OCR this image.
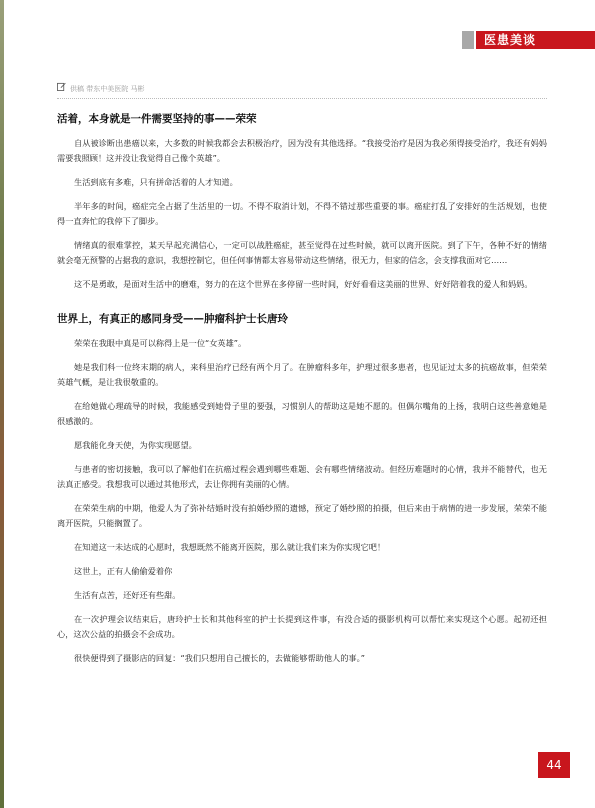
医患美谈
供稿 带东中美医院 马彬
活着，本身就是一件需要坚持的事——荣荣

自从被诊断出患癌以来，大多数的时候我都会去积极治疗，因为没有其他选择。“我接受治疗是因为我必须得接受治疗，我还有妈妈需要我照顾！这并没让我觉得自己像个英雄”。

生活到底有多难，只有拼命活着的人才知道。

半年多的时间，癌症完全占据了生活里的一切。不得不取消计划，不得不错过那些重要的事。癌症打乱了安排好的生活规划，也使得一直奔忙的我停下了脚步。

情绪真的很难掌控，某天早起充满信心，一定可以战胜癌症，甚至觉得在过些时候，就可以离开医院。到了下午，各种不好的情绪就会毫无预警的占据我的意识，我想控制它，但任何事情都太容易带动这些情绪，很无力，但家的信念，会支撑我面对它……

这不是勇敢，是面对生活中的磨难，努力的在这个世界在多停留一些时间，好好看看这美丽的世界、好好陪着我的爱人和妈妈。

世界上，有真正的感同身受——肿瘤科护士长唐玲

荣荣在我眼中真是可以称得上是一位“女英雄”。

她是我们科一位终末期的病人，来科里治疗已经有两个月了。在肿瘤科多年，护理过很多患者，也见证过太多的抗癌故事，但荣荣英雄气概，是让我很敬重的。

在给她做心理疏导的时候，我能感受到她骨子里的要强，习惯别人的帮助这是她不愿的。但偶尔嘴角的上扬，我明白这些善意她是很感激的。

愿我能化身天使，为你实现愿望。

与患者的密切接触，我可以了解他们在抗癌过程会遇到哪些难题、会有哪些情绪波动。但经历难题时的心情，我并不能替代，也无法真正感受。我想我可以通过其他形式，去让你拥有美丽的心情。

在荣荣生病的中期，他爱人为了弥补结婚时没有拍婚纱照的遗憾，预定了婚纱照的拍摄，但后来由于病情的进一步发展，荣荣不能离开医院，只能搁置了。

在知道这一未达成的心愿时，我想既然不能离开医院，那么就让我们来为你实现它吧！

这世上，正有人偷偷爱着你

生活有点苦，还好还有些甜。

在一次护理会议结束后，唐玲护士长和其他科室的护士长提到这件事，有没合适的摄影机构可以帮忙来实现这个心愿。起初还担心，这次公益的拍摄会不会成功。

很快便得到了摄影店的回复：“我们只想用自己擅长的，去做能够帮助他人的事。”

44
